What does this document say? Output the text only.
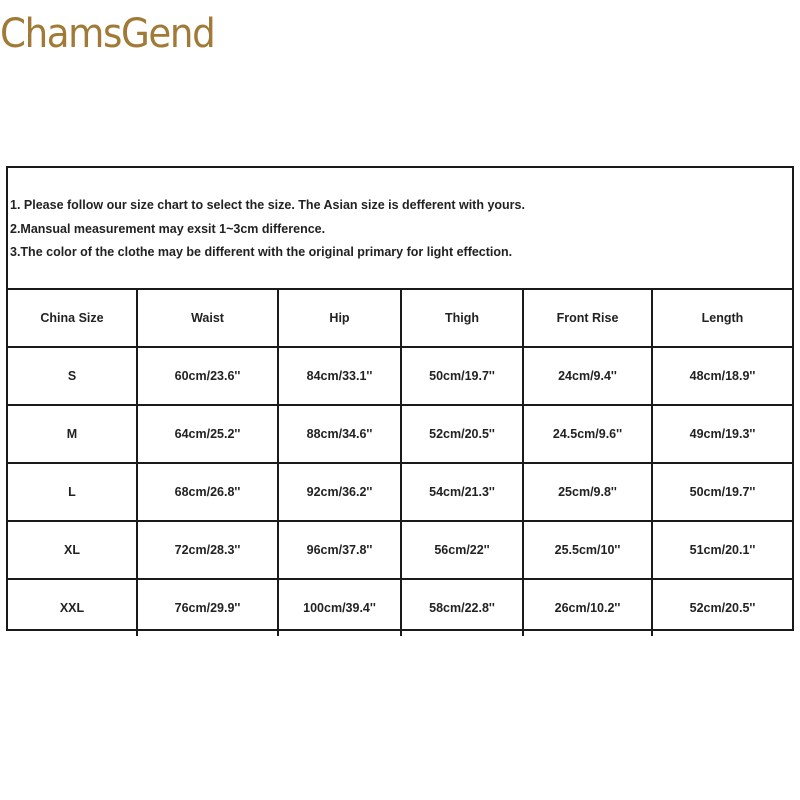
ChamsGend
1. Please follow our size chart to select the size. The Asian size is defferent with yours.
2.Mansual measurement may exsit 1~3cm difference.
3.The color of the clothe may be different with the original primary for light effection.
China Size	Waist	Hip	Thigh	Front Rise	Length
S	60cm/23.6''	84cm/33.1''	50cm/19.7''	24cm/9.4''	48cm/18.9''
M	64cm/25.2''	88cm/34.6''	52cm/20.5''	24.5cm/9.6''	49cm/19.3''
L	68cm/26.8''	92cm/36.2''	54cm/21.3''	25cm/9.8''	50cm/19.7''
XL	72cm/28.3''	96cm/37.8''	56cm/22''	25.5cm/10''	51cm/20.1''
XXL	76cm/29.9''	100cm/39.4''	58cm/22.8''	26cm/10.2''	52cm/20.5''
